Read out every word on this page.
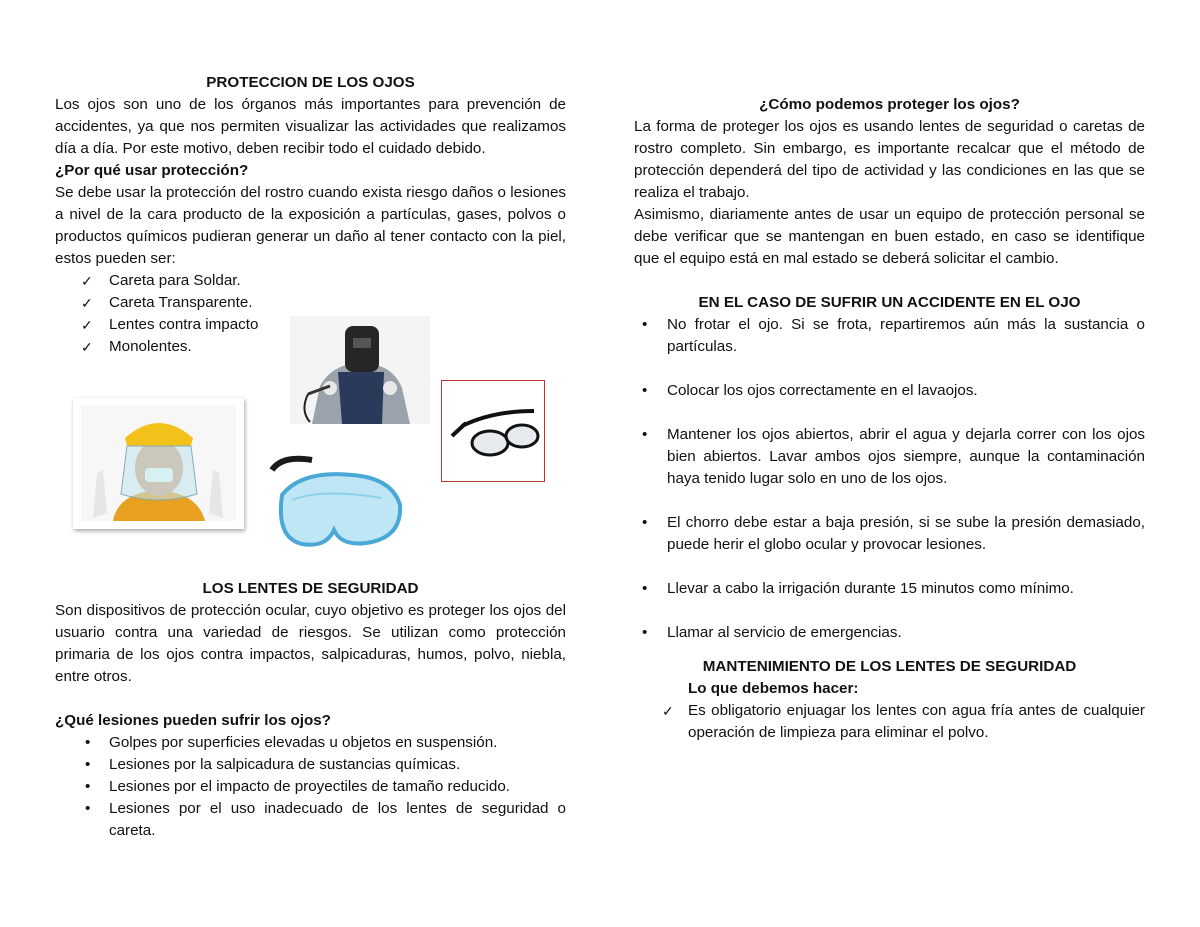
PROTECCION DE LOS OJOS

Los ojos son uno de los órganos más importantes para prevención de accidentes, ya que nos permiten visualizar las actividades que realizamos día a día. Por este motivo, deben recibir todo el cuidado debido.

¿Por qué usar protección?

Se debe usar la protección del rostro cuando exista riesgo daños o lesiones a nivel de la cara producto de la exposición a partículas, gases, polvos o productos químicos pudieran generar un daño al tener contacto con la piel, estos pueden ser:

✓ Careta para Soldar.
✓ Careta Transparente.
✓ Lentes contra impacto
✓ Monolentes.

LOS LENTES DE SEGURIDAD

Son dispositivos de protección ocular, cuyo objetivo es proteger los ojos del usuario contra una variedad de riesgos. Se utilizan como protección primaria de los ojos contra impactos, salpicaduras, humos, polvo, niebla, entre otros.

¿Qué lesiones pueden sufrir los ojos?

• Golpes por superficies elevadas u objetos en suspensión.
• Lesiones por la salpicadura de sustancias químicas.
• Lesiones por el impacto de proyectiles de tamaño reducido.
• Lesiones por el uso inadecuado de los lentes de seguridad o careta.

¿Cómo podemos proteger los ojos?

La forma de proteger los ojos es usando lentes de seguridad o caretas de rostro completo. Sin embargo, es importante recalcar que el método de protección dependerá del tipo de actividad y las condiciones en las que se realiza el trabajo.

Asimismo, diariamente antes de usar un equipo de protección personal se debe verificar que se mantengan en buen estado, en caso se identifique que el equipo está en mal estado se deberá solicitar el cambio.

EN EL CASO DE SUFRIR UN ACCIDENTE EN EL OJO

• No frotar el ojo. Si se frota, repartiremos aún más la sustancia o partículas.
• Colocar los ojos correctamente en el lavaojos.
• Mantener los ojos abiertos, abrir el agua y dejarla correr con los ojos bien abiertos. Lavar ambos ojos siempre, aunque la contaminación haya tenido lugar solo en uno de los ojos.
• El chorro debe estar a baja presión, si se sube la presión demasiado, puede herir el globo ocular y provocar lesiones.
• Llevar a cabo la irrigación durante 15 minutos como mínimo.
• Llamar al servicio de emergencias.

MANTENIMIENTO DE LOS LENTES DE SEGURIDAD

Lo que debemos hacer:

✓ Es obligatorio enjuagar los lentes con agua fría antes de cualquier operación de limpieza para eliminar el polvo.
